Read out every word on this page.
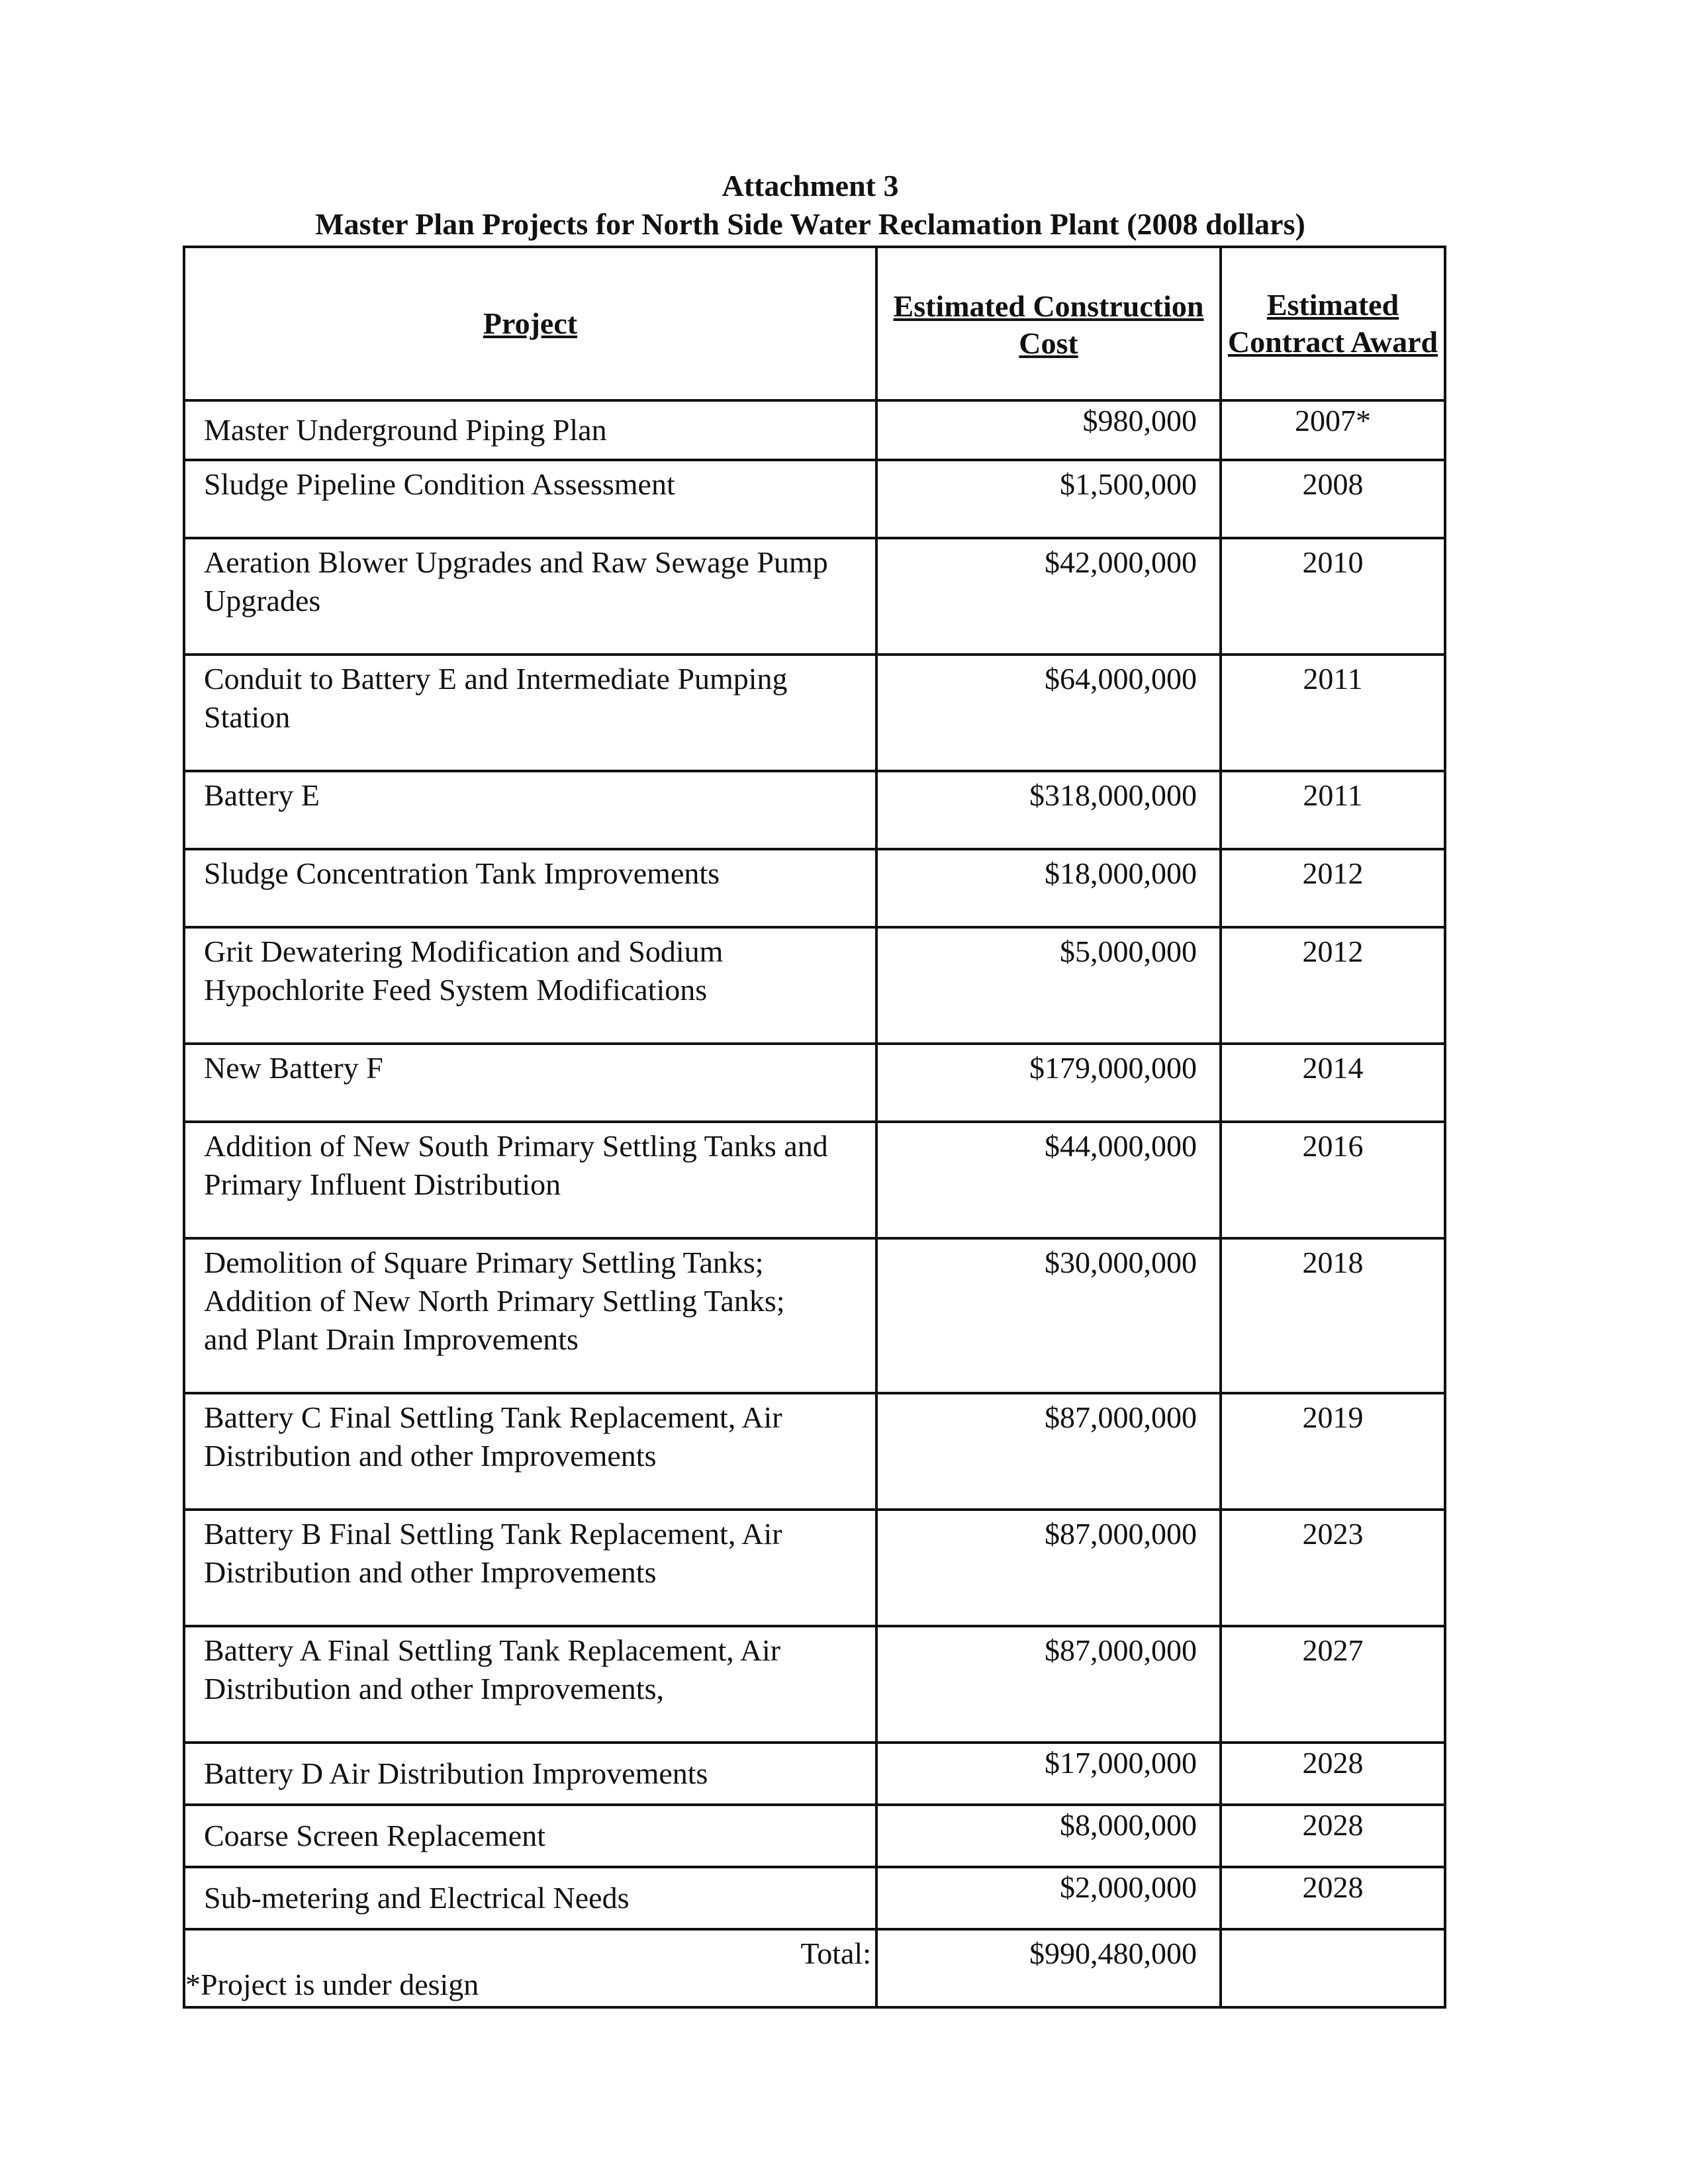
Attachment 3
Master Plan Projects for North Side Water Reclamation Plant (2008 dollars)
Project	Estimated Construction Cost	Estimated Contract Award
Master Underground Piping Plan	$980,000	2007*
Sludge Pipeline Condition Assessment	$1,500,000	2008
Aeration Blower Upgrades and Raw Sewage Pump Upgrades	$42,000,000	2010
Conduit to Battery E and Intermediate Pumping Station	$64,000,000	2011
Battery E	$318,000,000	2011
Sludge Concentration Tank Improvements	$18,000,000	2012
Grit Dewatering Modification and Sodium Hypochlorite Feed System Modifications	$5,000,000	2012
New Battery F	$179,000,000	2014
Addition of New South Primary Settling Tanks and Primary Influent Distribution	$44,000,000	2016
Demolition of Square Primary Settling Tanks;
Addition of New North Primary Settling Tanks;
and Plant Drain Improvements	$30,000,000	2018
Battery C Final Settling Tank Replacement, Air Distribution and other Improvements	$87,000,000	2019
Battery B Final Settling Tank Replacement, Air Distribution and other Improvements	$87,000,000	2023
Battery A Final Settling Tank Replacement, Air Distribution and other Improvements,	$87,000,000	2027
Battery D Air Distribution Improvements	$17,000,000	2028
Coarse Screen Replacement	$8,000,000	2028
Sub-metering and Electrical Needs	$2,000,000	2028
Total:	$990,480,000	
*Project is under design
